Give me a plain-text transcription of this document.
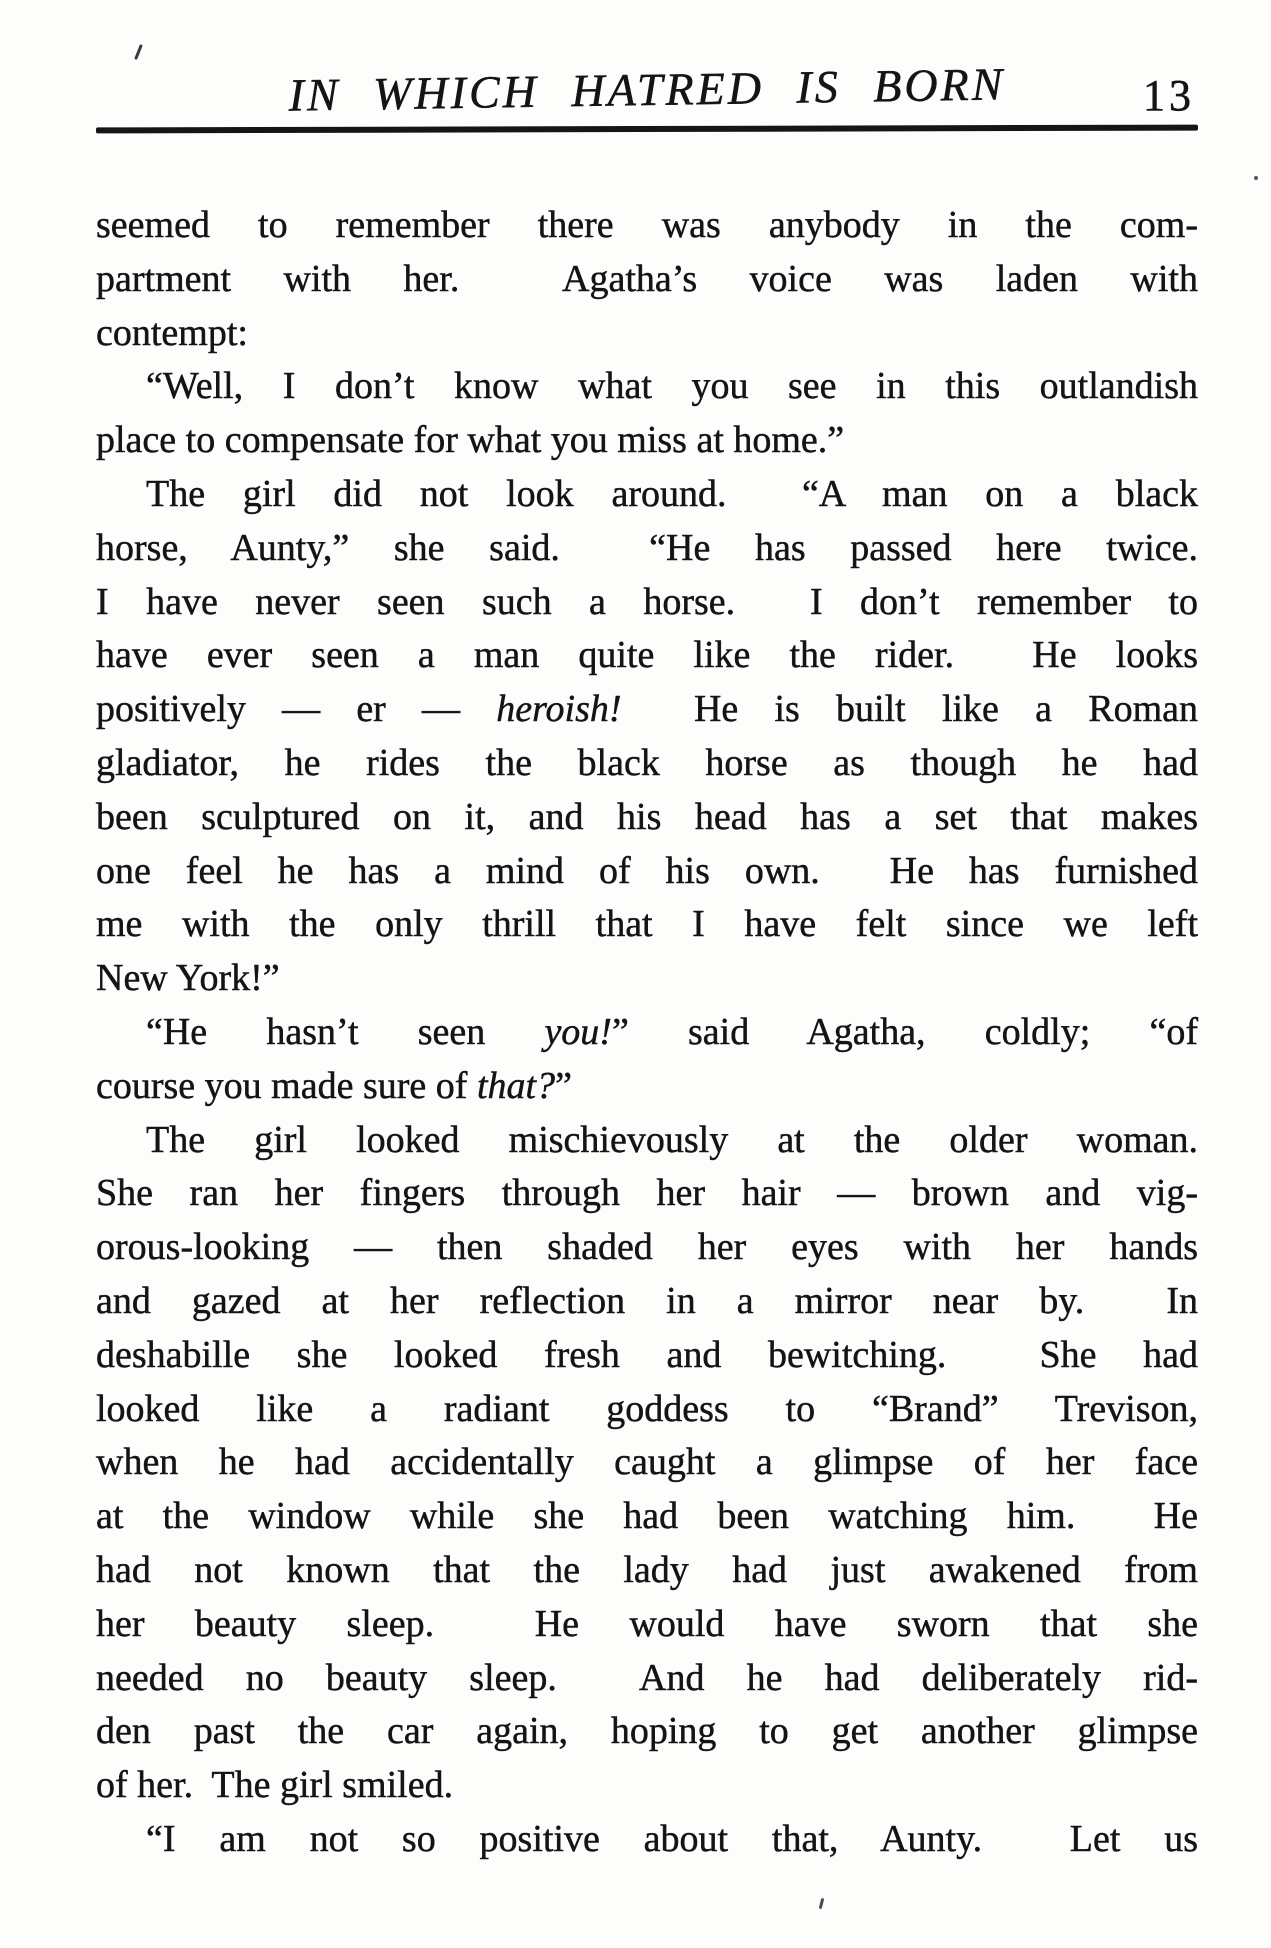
IN WHICH HATRED IS BORN	13
seemed to remember there was anybody in the com-
partment with her.  Agatha’s voice was laden with
contempt:
“Well, I don’t know what you see in this outlandish
place to compensate for what you miss at home.”
The girl did not look around.  “A man on a black
horse, Aunty,” she said.  “He has passed here twice.
I have never seen such a horse.  I don’t remember to
have ever seen a man quite like the rider.  He looks
positively — er — heroish!  He is built like a Roman
gladiator, he rides the black horse as though he had
been sculptured on it, and his head has a set that makes
one feel he has a mind of his own.  He has furnished
me with the only thrill that I have felt since we left
New York!”
“He hasn’t seen you!” said Agatha, coldly; “of
course you made sure of that?”
The girl looked mischievously at the older woman.
She ran her fingers through her hair — brown and vig-
orous-looking — then shaded her eyes with her hands
and gazed at her reflection in a mirror near by.  In
deshabille she looked fresh and bewitching.  She had
looked like a radiant goddess to “Brand” Trevison,
when he had accidentally caught a glimpse of her face
at the window while she had been watching him.  He
had not known that the lady had just awakened from
her beauty sleep.  He would have sworn that she
needed no beauty sleep.  And he had deliberately rid-
den past the car again, hoping to get another glimpse
of her.  The girl smiled.
“I am not so positive about that, Aunty.  Let us
